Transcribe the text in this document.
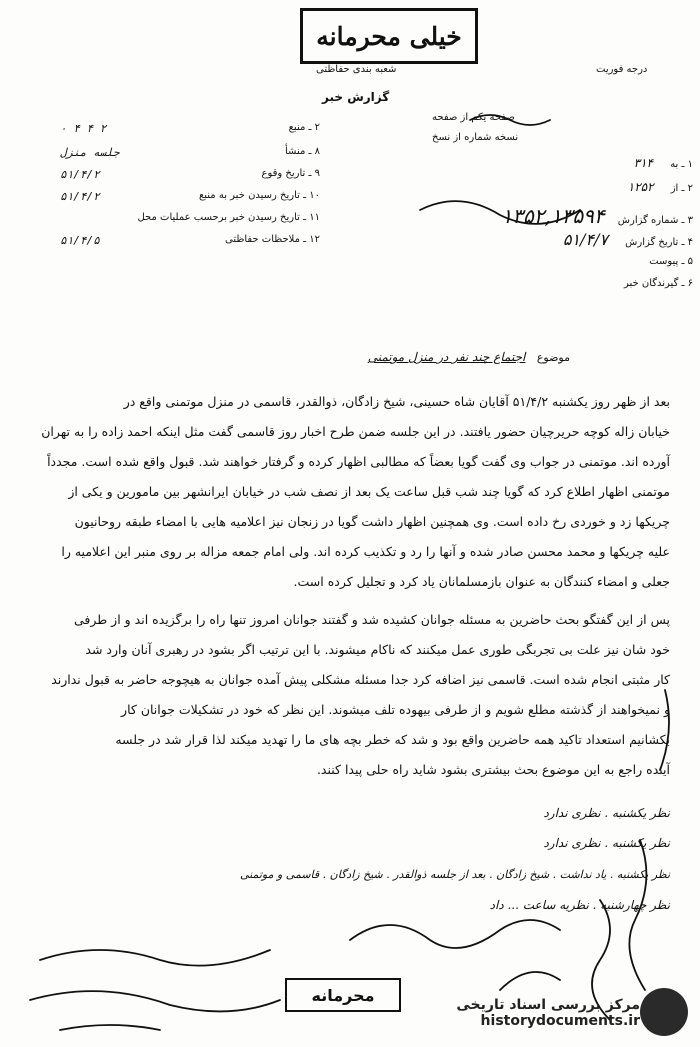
خیلی محرمانه
درجه فوریت
شعبه بندی حفاظتی
گزارش خبر
صفحه یکم از صفحه
نسخه شماره از نسخ
۲ ـ منبع
۲ ۴ ۴ ۰
۸ ـ منشأ
جلسه منزل
۹ ـ تاریخ وقوع
۵۱/۴/۲
۱۰ ـ تاریخ رسیدن خبر به منبع
۵۱/۴/۲
۱۱ ـ تاریخ رسیدن خبر برحسب عملیات محل
۱۲ ـ ملاحظات حفاظتی
۵۱/۴/۵
۱ ـ به ۳۱۴
۲ ـ از ۱۲۵۲
۳ ـ شماره گزارش ۱۳۵۲,۱۳۵۹۴
۴ ـ تاریخ گزارش ۵۱/۴/۷
۵ ـ پیوست
۶ ـ گیرندگان خبر
موضوع اجتماع چند نفر در منزل موتمنی
بعد از ظهر روز یکشنبه ۵۱/۴/۲ آقایان شاه حسینی، شیخ زادگان، ذوالقدر، قاسمی در منزل موتمنی واقع در
خیابان زاله کوچه حریرچیان حضور یافتند. در این جلسه ضمن طرح اخبار روز قاسمی گفت مثل اینکه احمد زاده را به تهران
آورده اند. موتمنی در جواب وی گفت گویا بعضاً که مطالبی اظهار کرده و گرفتار خواهند شد. قبول واقع شده است. مجدداً
موتمنی اظهار اطلاع کرد که گویا چند شب قبل ساعت یک بعد از نصف شب در خیابان ایرانشهر بین مامورین و یکی از
چریکها زد و خوردی رخ داده است. وی همچنین اظهار داشت گویا در زنجان نیز اعلامیه هایی با امضاء طبقه روحانیون
علیه چریکها و محمد محسن صادر شده و آنها را رد و تکذیب کرده اند. ولی امام جمعه مزاله بر روی منبر این اعلامیه را
جعلی و امضاء کنندگان به عنوان بازمسلمانان یاد کرد و تجلیل کرده است.
پس از این گفتگو بحث حاضرین به مسئله جوانان کشیده شد و گفتند جوانان امروز تنها راه را برگزیده اند و از طرفی
خود شان نیز علت بی تجربگی طوری عمل میکنند که ناکام میشوند. با این ترتیب اگر بشود در رهبری آنان وارد شد
کار مثبتی انجام شده است. قاسمی نیز اضافه کرد جدا مسئله مشکلی پیش آمده جوانان به هیچوجه حاضر به قبول ندارند
و نمیخواهند از گذشته مطلع شویم و از طرفی بیهوده تلف میشوند. این نظر که خود در تشکیلات جوانان کار
بکشانیم استعداد تاکید همه حاضرین واقع بود و شد که خطر بچه های ما را تهدید میکند لذا قرار شد در جلسه
آینده راجع به این موضوع بحث بیشتری بشود شاید راه حلی پیدا کنند.
نظر یکشنبه . نظری ندارد
نظر یکشنبه . نظری ندارد
نظر یکشنبه . یاد نداشت . شیخ زادگان . بعد از جلسه ذوالقدر . شیخ زادگان . قاسمی و موتمنی
نظر چهارشنبه . نظریه ساعت ... داد
محرمانه
مرکز بررسی اسناد تاریخی
historydocuments.ir
